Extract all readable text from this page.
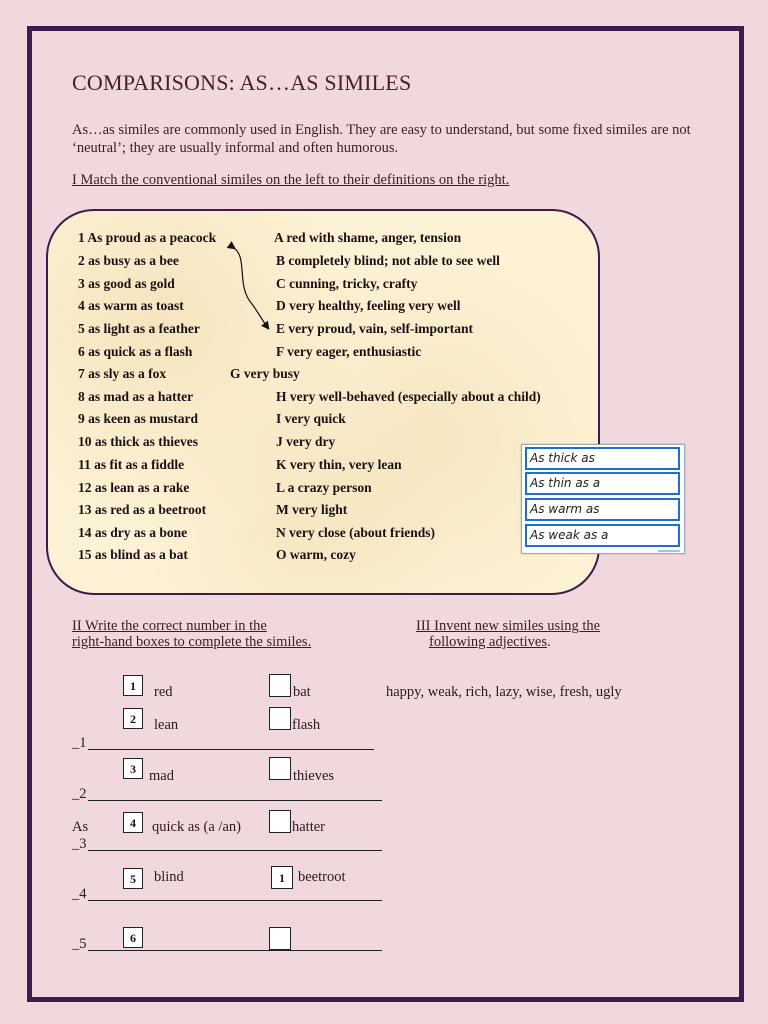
COMPARISONS: AS…AS SIMILES
As…as similes are commonly used in English. They are easy to understand, but some fixed similes are not ‘neutral’; they are usually informal and often humorous.
I Match the conventional similes on the left to their definitions on the right.
1 As proud as a peacock
2 as busy as a bee
3 as good as gold
4 as warm as toast
5 as light as a feather
6 as quick as a flash
7 as sly as a fox
8 as mad as a hatter
9 as keen as mustard
10 as thick as thieves
11 as fit as a fiddle
12 as lean as a rake
13 as red as a beetroot
14 as dry as a bone
15 as blind as a bat
A red with shame, anger, tension
B completely blind; not able to see well
C cunning, tricky, crafty
D very healthy, feeling very well
E very proud, vain, self-important
F very eager, enthusiastic
G very busy
H very well-behaved (especially about a child)
I very quick
J very dry
K very thin, very lean
L a crazy person
M very light
N very close (about friends)
O warm, cozy
As thick as
As thin as a
As warm as
As weak as a
II Write the correct number in the
right-hand boxes to complete the similes.
III Invent new similes using the
following adjectives.
happy, weak, rich, lazy, wise, fresh, ugly
1
2
3
4
5
6
red
lean
mad
As	quick as (a /an)
blind	1
bat
flash
thieves
hatter
beetroot
_1
_2
_3
_4
_5
